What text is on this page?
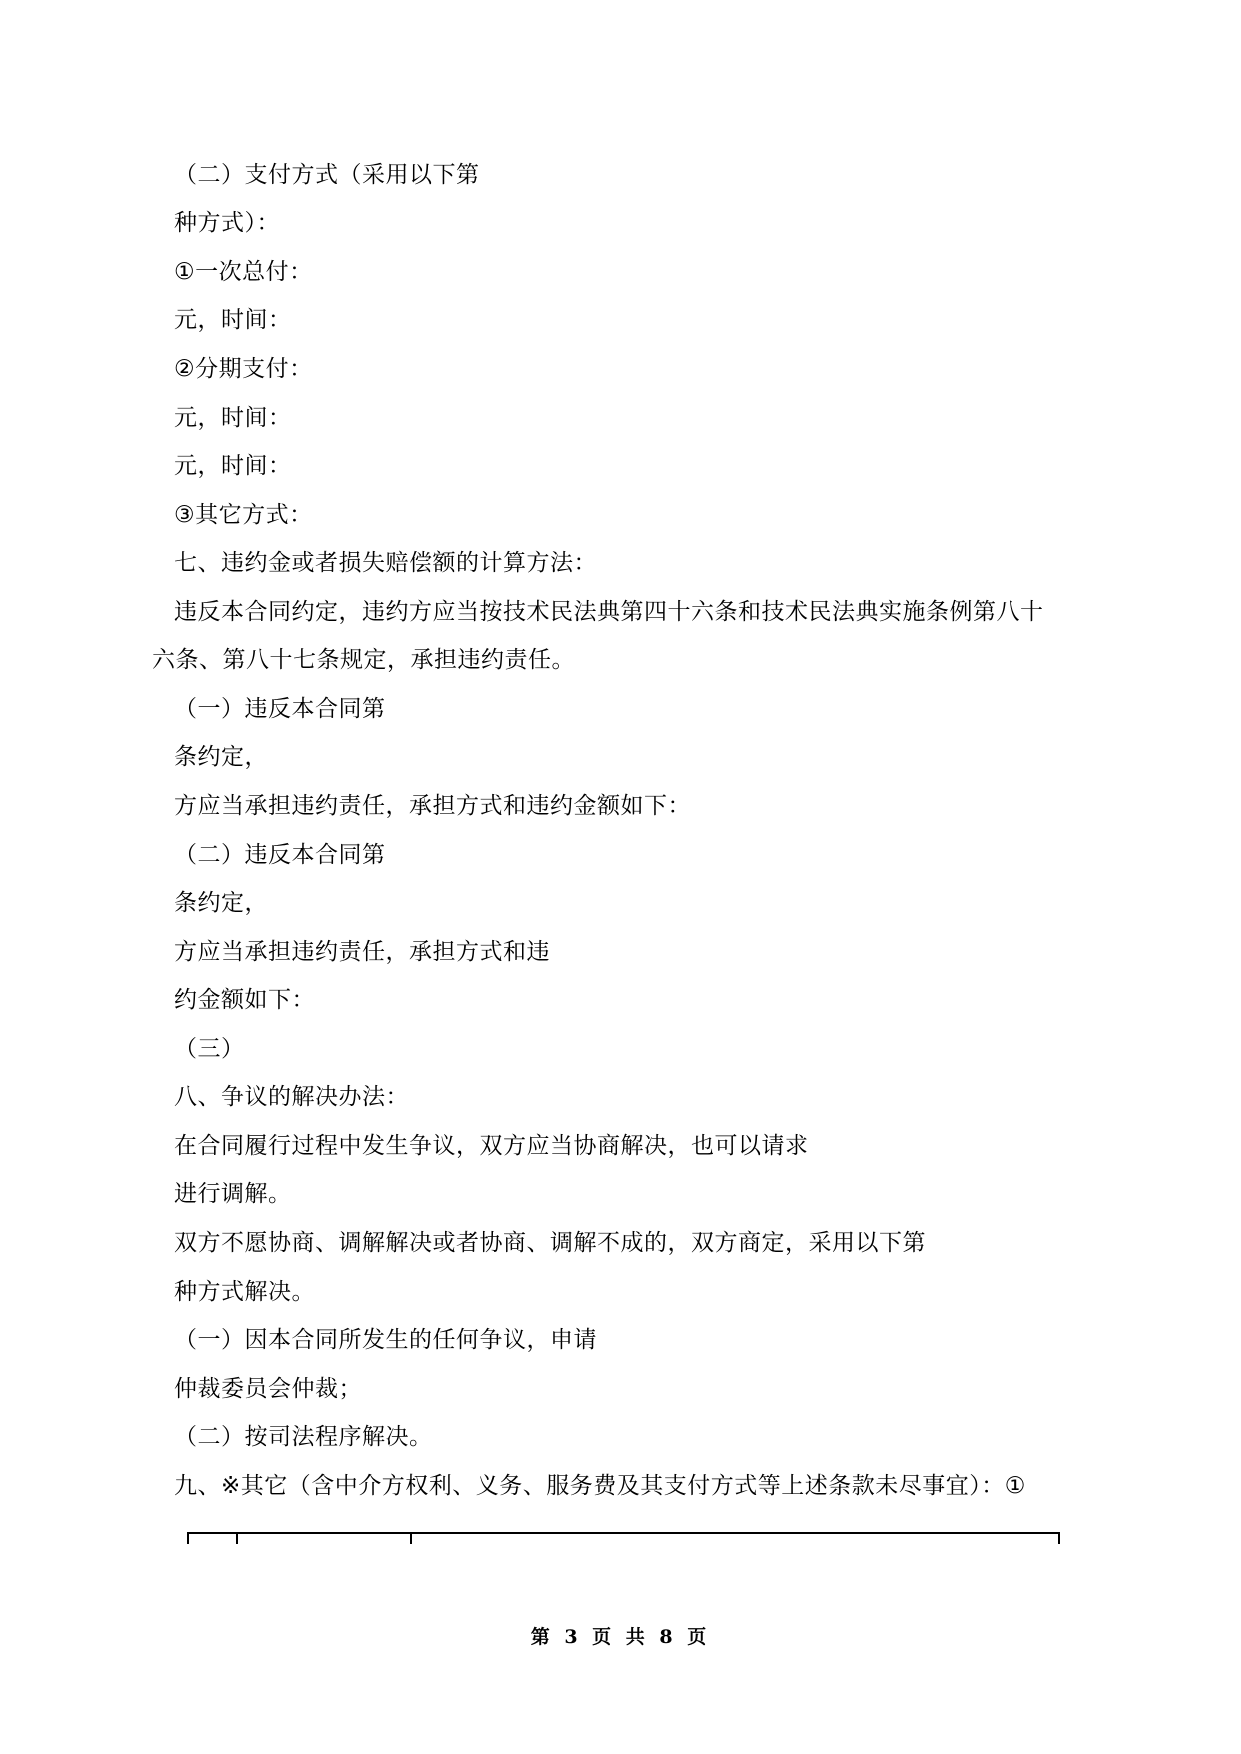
（二）支付方式（采用以下第
种方式）：
①一次总付：
元，时间：
②分期支付：
元，时间：
元，时间：
③其它方式：
七、违约金或者损失赔偿额的计算方法：
违反本合同约定，违约方应当按技术民法典第四十六条和技术民法典实施条例第八十
六条、第八十七条规定，承担违约责任。
（一）违反本合同第
条约定，
方应当承担违约责任，承担方式和违约金额如下：
（二）违反本合同第
条约定，
方应当承担违约责任，承担方式和违
约金额如下：
（三）
八、争议的解决办法：
在合同履行过程中发生争议，双方应当协商解决，也可以请求
进行调解。
双方不愿协商、调解解决或者协商、调解不成的，双方商定，采用以下第
种方式解决。
（一）因本合同所发生的任何争议，申请
仲裁委员会仲裁；
（二）按司法程序解决。
九、※其它（含中介方权利、义务、服务费及其支付方式等上述条款未尽事宜）：①
第 3 页 共 8 页
